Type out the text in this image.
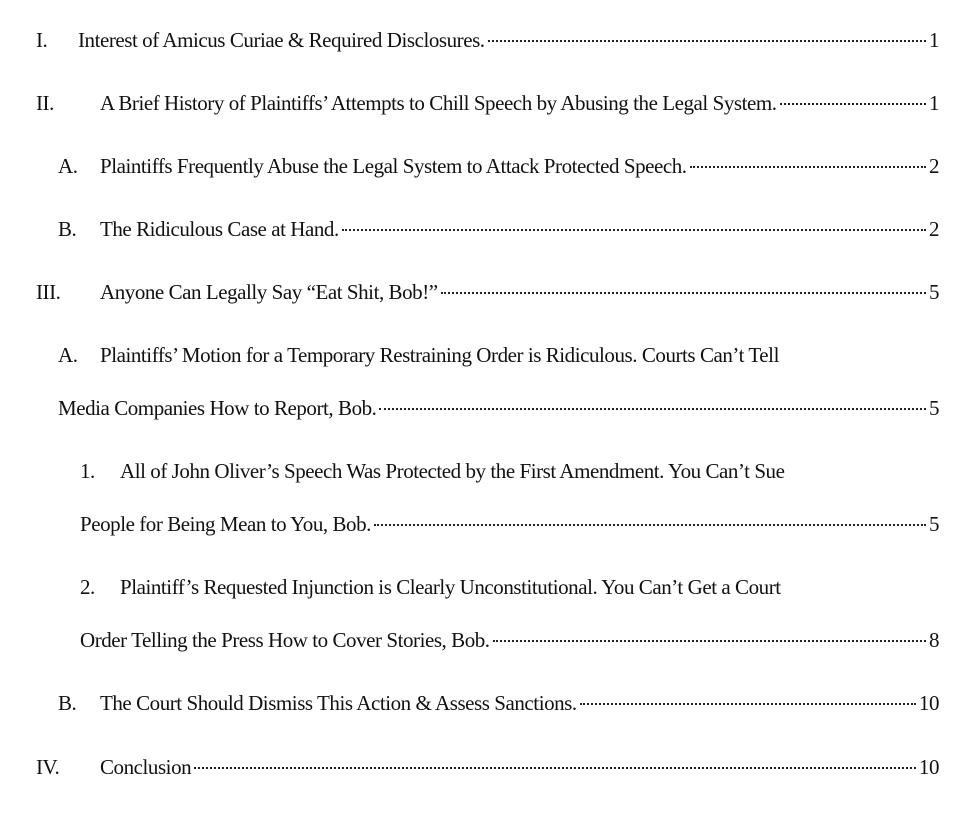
I.	Interest of Amicus Curiae & Required Disclosures.	1
II.	A Brief History of Plaintiffs’ Attempts to Chill Speech by Abusing the Legal System.	1
A.	Plaintiffs Frequently Abuse the Legal System to Attack Protected Speech.	2
B.	The Ridiculous Case at Hand.	2
III.	Anyone Can Legally Say “Eat Shit, Bob!”	5
A.	Plaintiffs’ Motion for a Temporary Restraining Order is Ridiculous. Courts Can’t Tell
Media Companies How to Report, Bob.	5
1.	All of John Oliver’s Speech Was Protected by the First Amendment. You Can’t Sue
People for Being Mean to You, Bob.	5
2.	Plaintiff’s Requested Injunction is Clearly Unconstitutional. You Can’t Get a Court
Order Telling the Press How to Cover Stories, Bob.	8
B.	The Court Should Dismiss This Action & Assess Sanctions.	10
IV.	Conclusion	10
